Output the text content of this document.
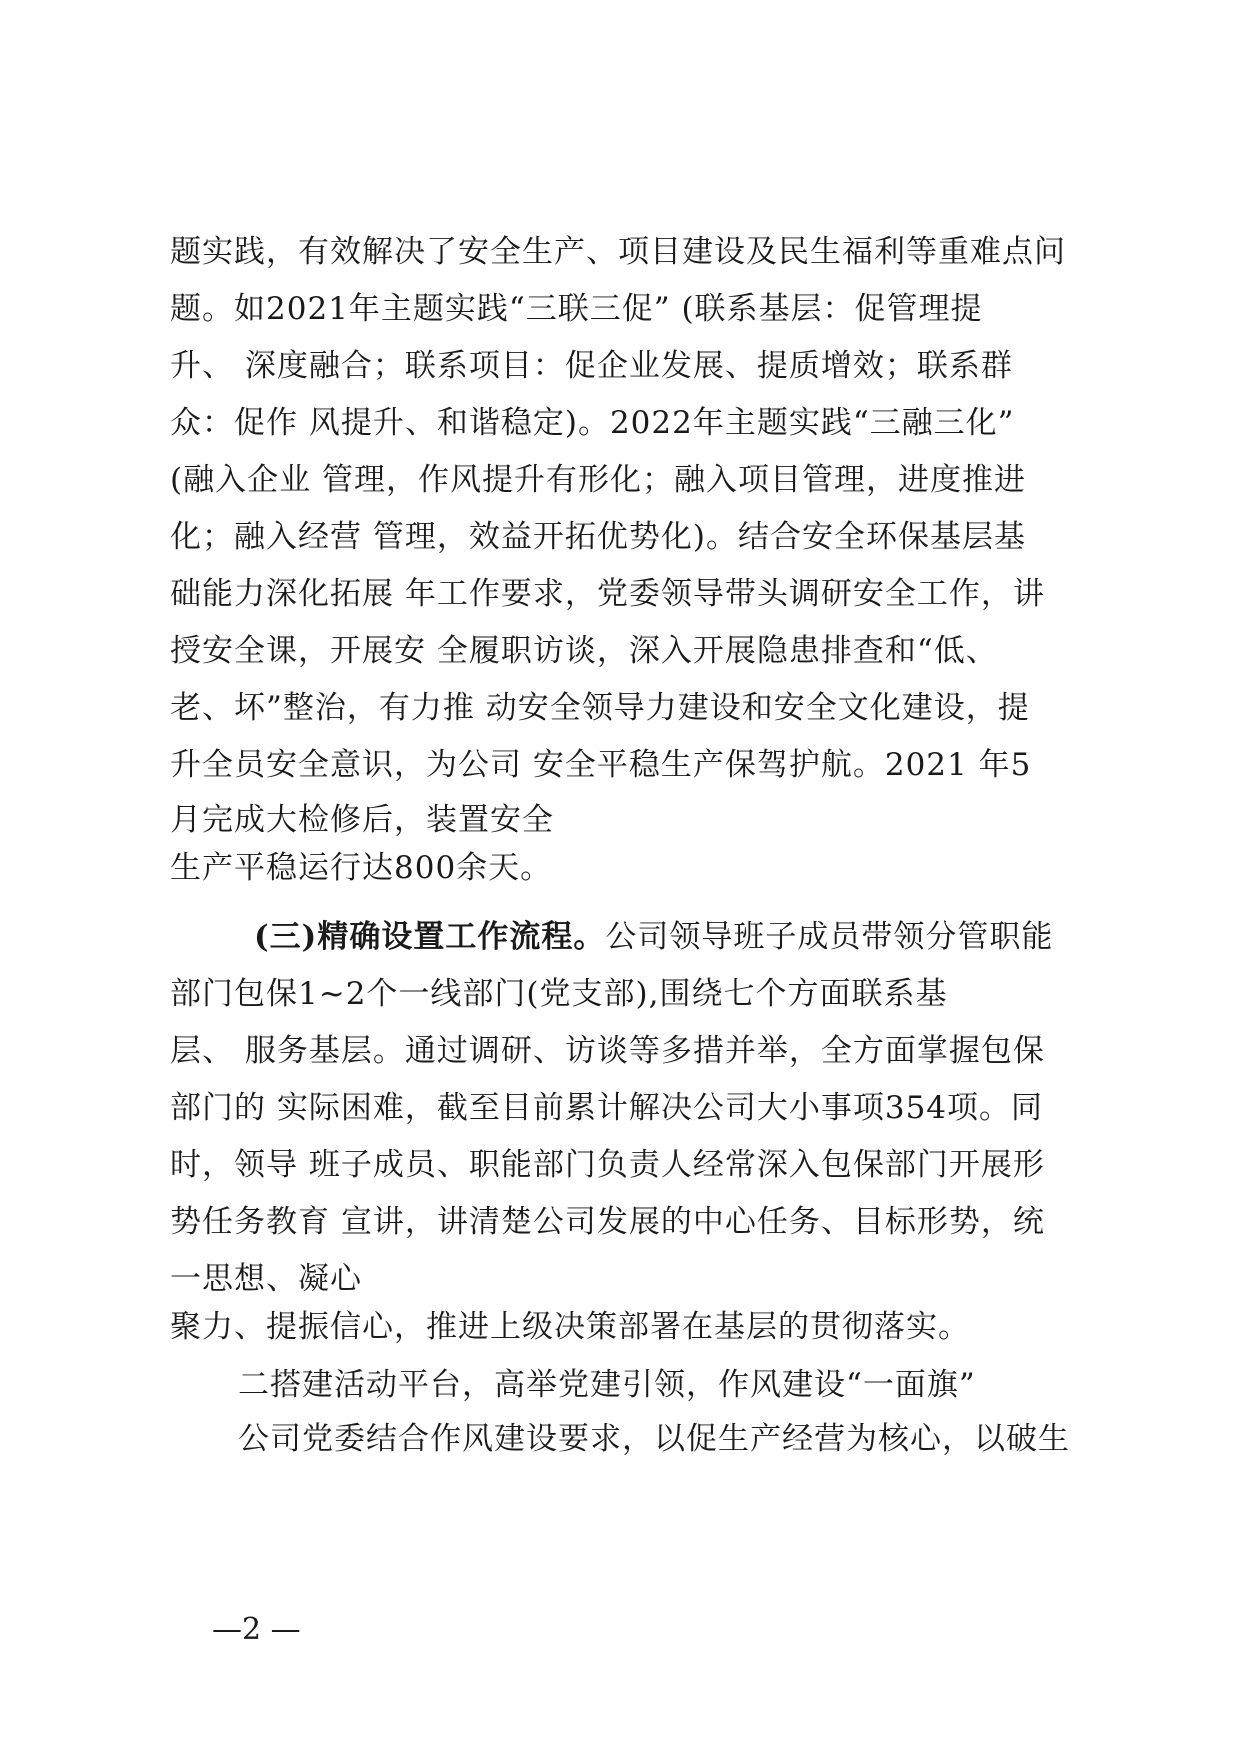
题实践，有效解决了安全生产、项目建设及民生福利等重难点问
题。如2021年主题实践“三联三促” (联系基层：促管理提
升、 深度融合；联系项目：促企业发展、提质增效；联系群
众：促作 风提升、和谐稳定)。2022年主题实践“三融三化”
(融入企业 管理，作风提升有形化；融入项目管理，进度推进
化；融入经营 管理，效益开拓优势化)。结合安全环保基层基
础能力深化拓展 年工作要求，党委领导带头调研安全工作，讲
授安全课，开展安 全履职访谈，深入开展隐患排查和“低、
老、坏”整治，有力推 动安全领导力建设和安全文化建设，提
升全员安全意识，为公司 安全平稳生产保驾护航。2021 年5
月完成大检修后，装置安全
生产平稳运行达800余天。
(三)精确设置工作流程。公司领导班子成员带领分管职能
部门包保1~2个一线部门(党支部),围绕七个方面联系基
层、 服务基层。通过调研、访谈等多措并举，全方面掌握包保
部门的 实际困难，截至目前累计解决公司大小事项354项。同
时，领导 班子成员、职能部门负责人经常深入包保部门开展形
势任务教育 宣讲，讲清楚公司发展的中心任务、目标形势，统
一思想、凝心
聚力、提振信心，推进上级决策部署在基层的贯彻落实。
二搭建活动平台，高举党建引领，作风建设“一面旗”
公司党委结合作风建设要求，以促生产经营为核心，以破生
—2 —
